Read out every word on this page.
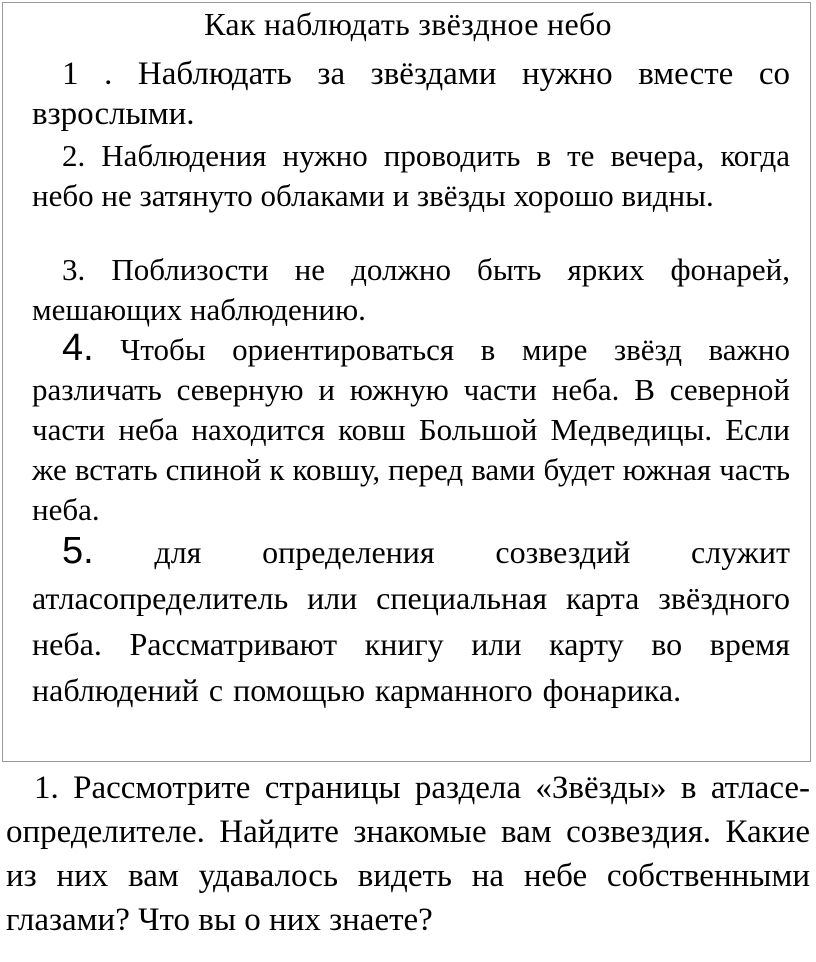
Как наблюдать звёздное небо

1 . Наблюдать за звёздами нужно вместе со взрослыми.

2. Наблюдения нужно проводить в те вечера, когда небо не затянуто облаками и звёзды хорошо видны.

3. Поблизости не должно быть ярких фонарей, мешающих наблюдению.

4. Чтобы ориентироваться в мире звёзд важно различать северную и южную части неба. В северной части неба находится ковш Большой Медведицы. Если же встать спиной к ковшу, перед вами будет южная часть неба.

5. для определения созвездий служит атласопределитель или специальная карта звёздного неба. Рассматривают книгу или карту во время наблюдений с помощью карманного фонарика.

1. Рассмотрите страницы раздела «Звёзды» в атласе-определителе. Найдите знакомые вам созвездия. Какие из них вам удавалось видеть на небе собственными глазами? Что вы о них знаете?
